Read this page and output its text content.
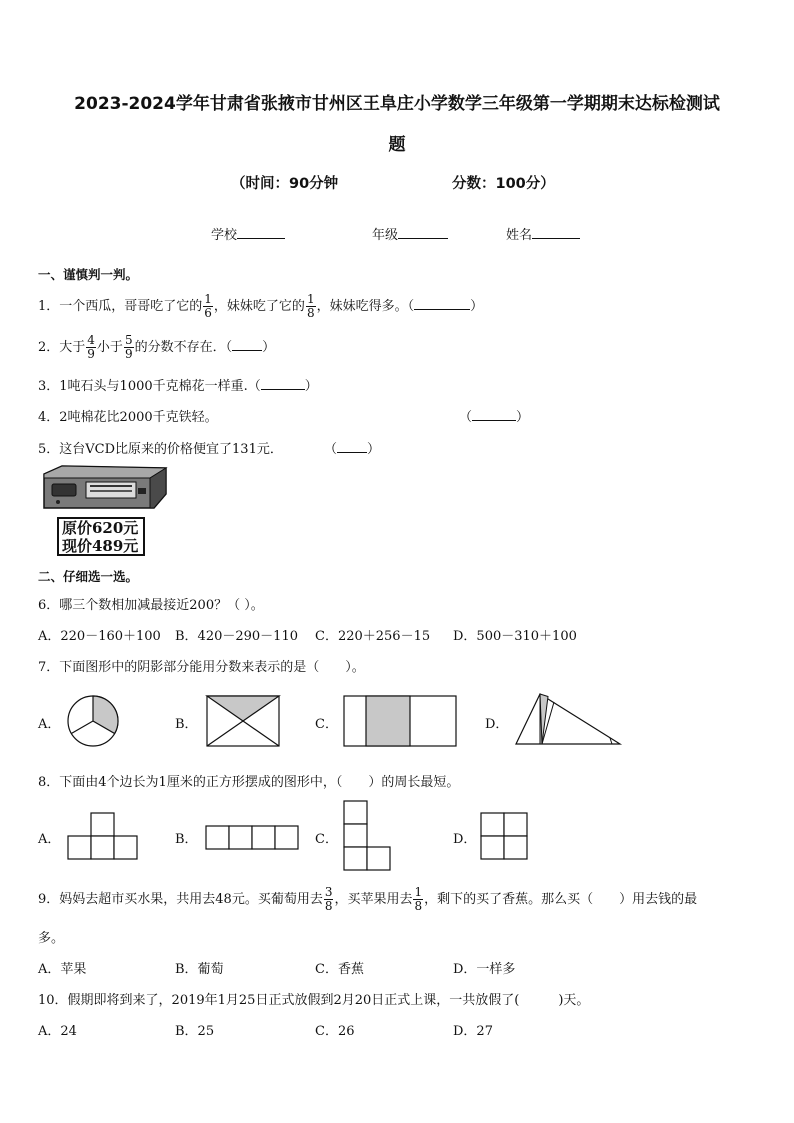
2023-2024学年甘肃省张掖市甘州区王阜庄小学数学三年级第一学期期末达标检测试
题
（时间：90分钟	分数：100分）
学校	年级	姓名
一、谨慎判一判。
1．一个西瓜，哥哥吃了它的 $\frac{1}{6}$ ，妹妹吃了它的 $\frac{1}{8}$ ，妹妹吃得多。（	）
2．大于 $\frac{4}{9}$ 小于 $\frac{5}{9}$ 的分数不存在．（ ）
3．1吨石头与1000千克棉花一样重.（	）
4．2吨棉花比2000千克铁轻。	（	）
5．这台VCD比原来的价格便宜了131元．	（ ）
原价620元
现价489元
二、仔细选一选。
6．哪三个数相加减最接近200？（ ）。
A．220－160＋100 B．420－290－110 C．220＋256－15 D．500－310＋100
7．下面图形中的阴影部分能用分数来表示的是（　　）。
A．	B．	C．	D．
8．下面由4个边长为1厘米的正方形摆成的图形中，（　　）的周长最短。
A．	B．	C．	D．
9．妈妈去超市买水果，共用去48元。买葡萄用去 $\frac{3}{8}$ ，买苹果用去 $\frac{1}{8}$ ，剩下的买了香蕉。那么买（　　）用去钱的最
多。
A．苹果	B．葡萄	C．香蕉	D．一样多
10．假期即将到来了，2019年1月25日正式放假到2月20日正式上课，一共放假了(　　　)天。
A．24	B．25	C．26	D．27
